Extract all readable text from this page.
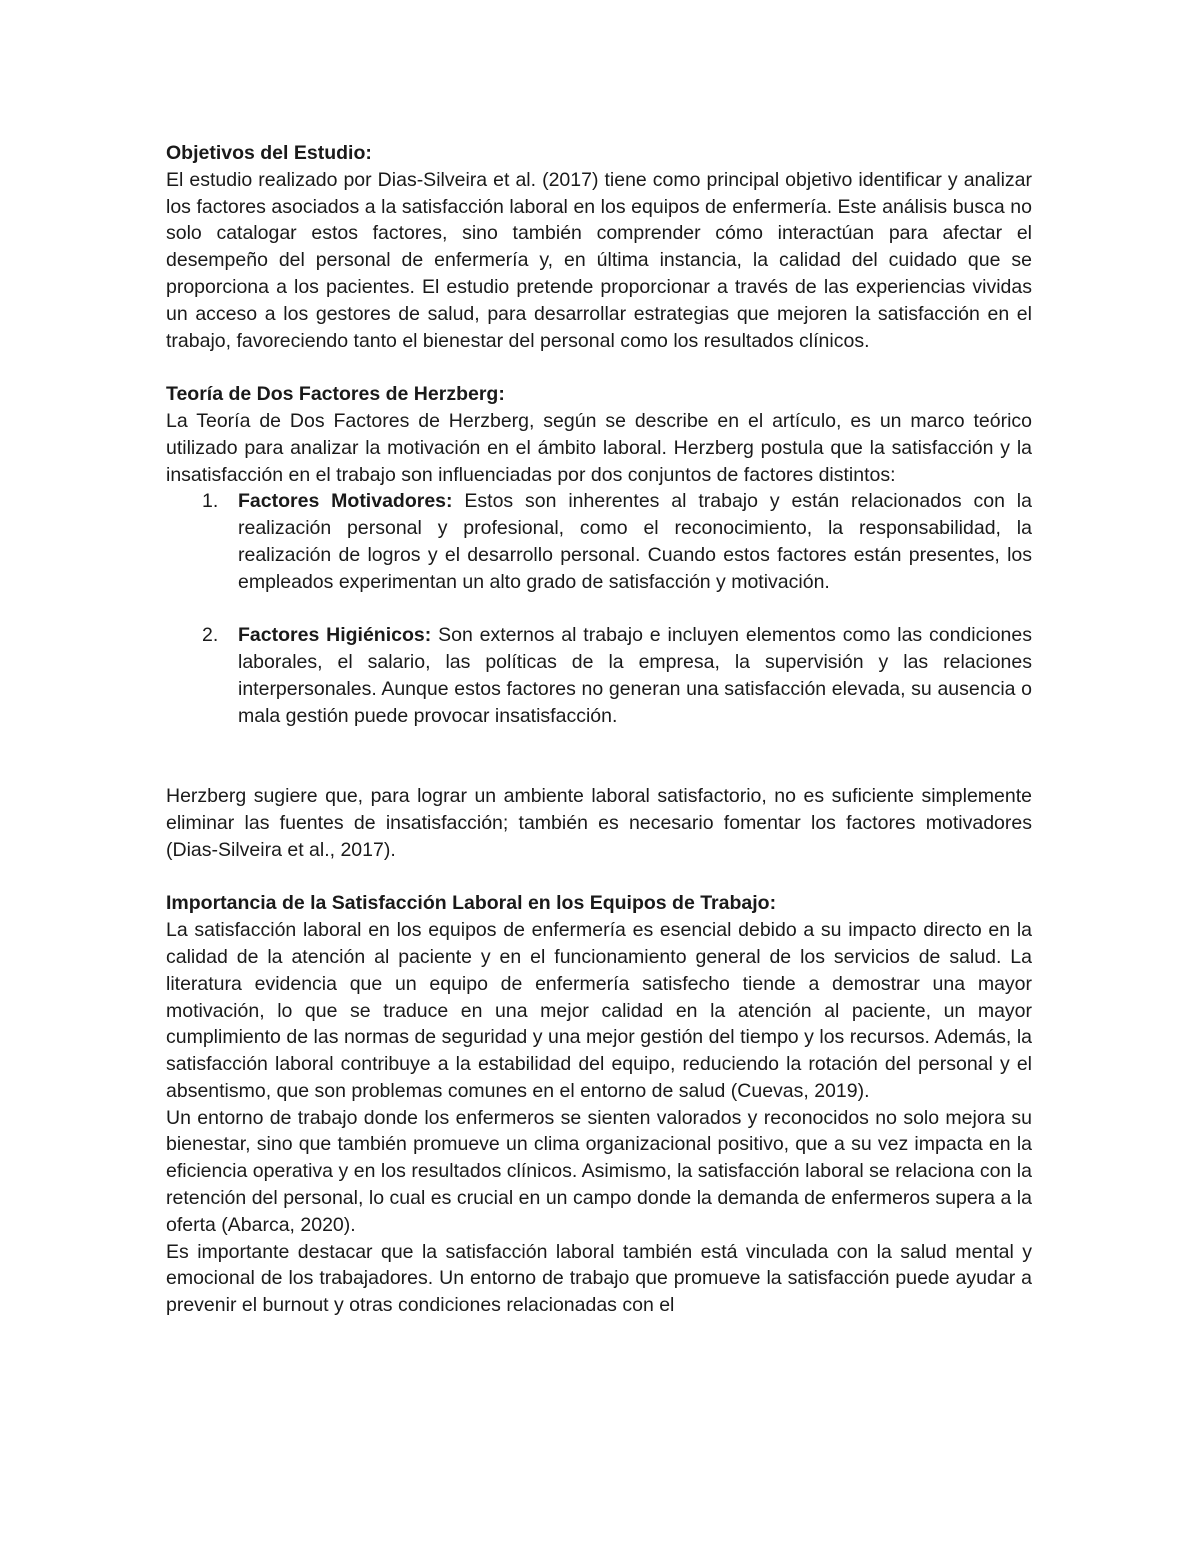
Objetivos del Estudio:

El estudio realizado por Dias-Silveira et al. (2017) tiene como principal objetivo identificar y analizar los factores asociados a la satisfacción laboral en los equipos de enfermería. Este análisis busca no solo catalogar estos factores, sino también comprender cómo interactúan para afectar el desempeño del personal de enfermería y, en última instancia, la calidad del cuidado que se proporciona a los pacientes. El estudio pretende proporcionar a través de las experiencias vividas un acceso a los gestores de salud, para desarrollar estrategias que mejoren la satisfacción en el trabajo, favoreciendo tanto el bienestar del personal como los resultados clínicos.

Teoría de Dos Factores de Herzberg:

La Teoría de Dos Factores de Herzberg, según se describe en el artículo, es un marco teórico utilizado para analizar la motivación en el ámbito laboral. Herzberg postula que la satisfacción y la insatisfacción en el trabajo son influenciadas por dos conjuntos de factores distintos:

1. Factores Motivadores: Estos son inherentes al trabajo y están relacionados con la realización personal y profesional, como el reconocimiento, la responsabilidad, la realización de logros y el desarrollo personal. Cuando estos factores están presentes, los empleados experimentan un alto grado de satisfacción y motivación.
2. Factores Higiénicos: Son externos al trabajo e incluyen elementos como las condiciones laborales, el salario, las políticas de la empresa, la supervisión y las relaciones interpersonales. Aunque estos factores no generan una satisfacción elevada, su ausencia o mala gestión puede provocar insatisfacción.

Herzberg sugiere que, para lograr un ambiente laboral satisfactorio, no es suficiente simplemente eliminar las fuentes de insatisfacción; también es necesario fomentar los factores motivadores (Dias-Silveira et al., 2017).

Importancia de la Satisfacción Laboral en los Equipos de Trabajo:

La satisfacción laboral en los equipos de enfermería es esencial debido a su impacto directo en la calidad de la atención al paciente y en el funcionamiento general de los servicios de salud. La literatura evidencia que un equipo de enfermería satisfecho tiende a demostrar una mayor motivación, lo que se traduce en una mejor calidad en la atención al paciente, un mayor cumplimiento de las normas de seguridad y una mejor gestión del tiempo y los recursos. Además, la satisfacción laboral contribuye a la estabilidad del equipo, reduciendo la rotación del personal y el absentismo, que son problemas comunes en el entorno de salud (Cuevas, 2019).

Un entorno de trabajo donde los enfermeros se sienten valorados y reconocidos no solo mejora su bienestar, sino que también promueve un clima organizacional positivo, que a su vez impacta en la eficiencia operativa y en los resultados clínicos. Asimismo, la satisfacción laboral se relaciona con la retención del personal, lo cual es crucial en un campo donde la demanda de enfermeros supera a la oferta (Abarca, 2020).

Es importante destacar que la satisfacción laboral también está vinculada con la salud mental y emocional de los trabajadores. Un entorno de trabajo que promueve la satisfacción puede ayudar a prevenir el burnout y otras condiciones relacionadas con el
